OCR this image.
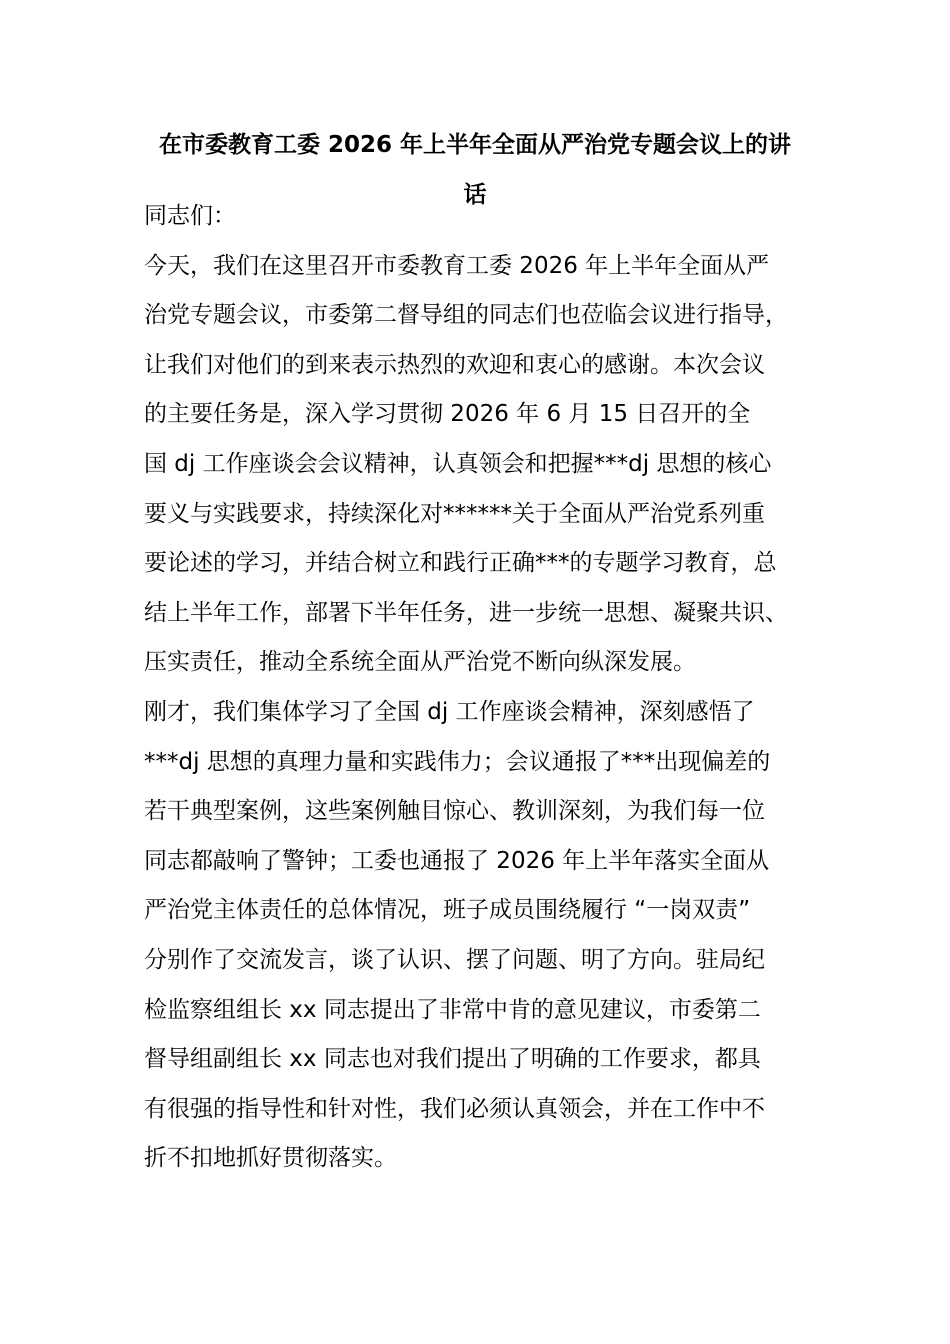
在市委教育工委 2026 年上半年全面从严治党专题会议上的讲
话
同志们：
今天，我们在这里召开市委教育工委 2026 年上半年全面从严
治党专题会议，市委第二督导组的同志们也莅临会议进行指导，
让我们对他们的到来表示热烈的欢迎和衷心的感谢。本次会议
的主要任务是，深入学习贯彻 2026 年 6 月 15 日召开的全
国 dj 工作座谈会会议精神，认真领会和把握***dj 思想的核心
要义与实践要求，持续深化对******关于全面从严治党系列重
要论述的学习，并结合树立和践行正确***的专题学习教育，总
结上半年工作，部署下半年任务，进一步统一思想、凝聚共识、
压实责任，推动全系统全面从严治党不断向纵深发展。
刚才，我们集体学习了全国 dj 工作座谈会精神，深刻感悟了
***dj 思想的真理力量和实践伟力；会议通报了***出现偏差的
若干典型案例，这些案例触目惊心、教训深刻，为我们每一位
同志都敲响了警钟；工委也通报了 2026 年上半年落实全面从
严治党主体责任的总体情况，班子成员围绕履行 “一岗双责”
分别作了交流发言，谈了认识、摆了问题、明了方向。驻局纪
检监察组组长 xx 同志提出了非常中肯的意见建议，市委第二
督导组副组长 xx 同志也对我们提出了明确的工作要求，都具
有很强的指导性和针对性，我们必须认真领会，并在工作中不
折不扣地抓好贯彻落实。
